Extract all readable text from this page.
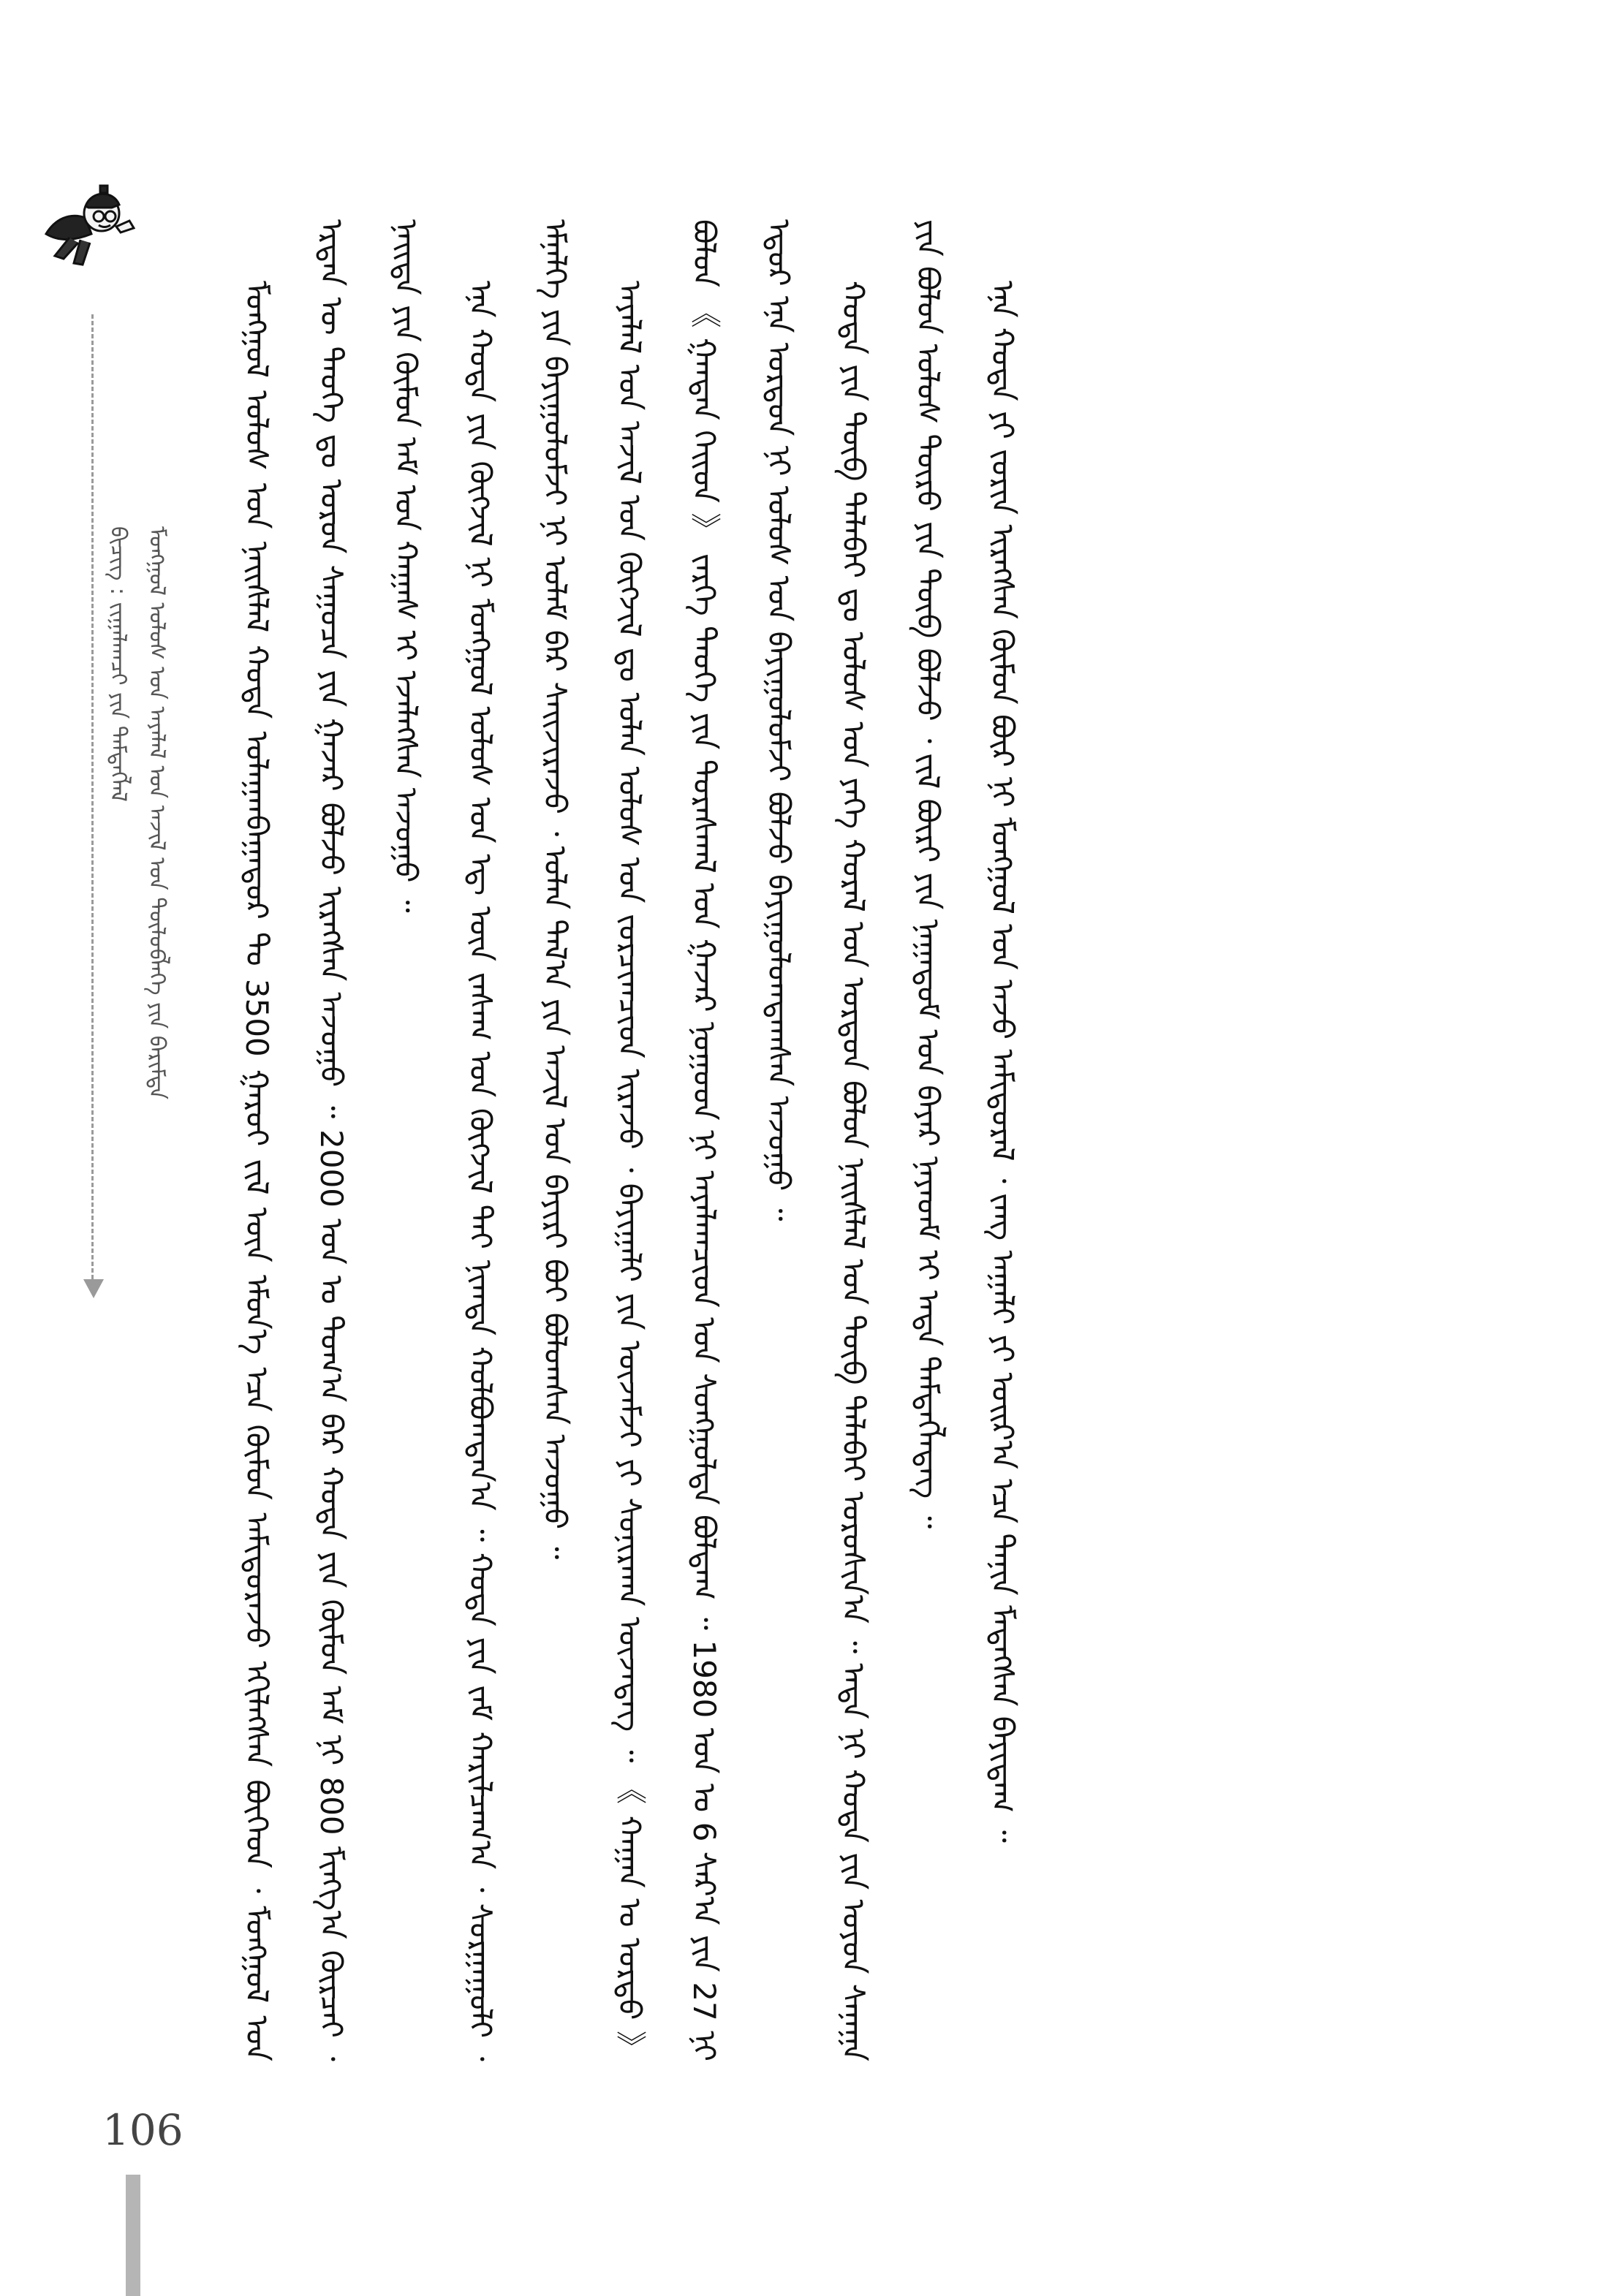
ᠮᠣᠩᠭᠣᠯ ᠤᠯᠤᠰ ᠤᠨ ᠠᠶᠠᠯᠠᠯ ᠤᠨ ᠠᠵᠢᠯ ᠤᠨ ᠲᠥᠯᠥᠪᠯᠡᠭᠡ ᠶᠢᠨ ᠪᠠᠷᠢᠮᠲᠠ ᠪᠢᠴᠢᠭ : ᠵᠢᠭᠠᠯᠠᠭᠴᠢ ᠶᠢᠨ ᠲᠡᠮᠳᠡᠭᠯᠡᠯ	ᠮᠣᠩᠭᠣᠯ ᠤᠯᠤᠰ ᠤᠨ ᠨᠡᠢᠰᠯᠡᠯ ᠬᠣᠲᠠ ᠤᠯᠠᠭᠠᠨᠪᠠᠭᠠᠲᠤᠷ ᠲᠤ 3500 ᠭᠠᠷᠤᠢ ᠵᠢᠯ ᠦᠨ ᠡᠮᠦᠨ᠎ᠡ ᠡᠴᠡ ᠬᠦᠮᠦᠨ ᠠᠮᠢᠳᠤᠷᠠᠵᠤ ᠡᠬᠢᠯᠡᠭᠰᠡᠨ ᠪᠥᠭᠡᠳ ᠂ ᠮᠣᠩᠭᠣᠯ ᠤᠨ ᠡᠷᠲᠡᠨ ᠦ ᠲᠡᠦᠬᠡ ᠳᠤ ᠣᠷᠤᠨ ᠰᠠᠭᠤᠴᠠ ᠶᠢᠨ ᠭᠠᠵᠠᠷ ᠪᠣᠯᠵᠤ ᠢᠷᠡᠭᠰᠡᠨ ᠠᠵᠤᠭᠤ ᠃ 2000 ᠣᠨ ᠤ ᠲᠣᠭ᠎ᠠ ᠪᠠᠷ ᠬᠣᠲᠠ ᠶᠢᠨ ᠬᠦᠮᠦᠨ ᠠᠮ ᠨᠢ 800 ᠮᠢᠩᠭ᠎ᠠ ᠬᠦᠷᠴᠡᠢ ᠂ ᠨᠡᠢᠲᠡ ᠶᠢᠨ ᠬᠦᠮᠦᠨ ᠠᠮ ᠤᠨ ᠬᠠᠭᠠᠰ ᠢ ᠡᠵᠡᠯᠡᠭᠰᠡᠨ ᠠᠵᠤᠭᠤ ᠃	ᠡᠨᠡ ᠬᠣᠲᠠ ᠶᠢᠨ ᠬᠥᠭᠵᠢᠯ ᠨᠢ ᠮᠣᠩᠭᠣᠯ ᠤᠯᠤᠰ ᠤᠨ ᠡᠳ᠋ ᠦᠨ ᠵᠠᠰᠠᠭ ᠤᠨ ᠬᠥᠭᠵᠢᠯ ᠲᠡᠢ ᠨᠢᠭᠲᠠ ᠬᠣᠯᠪᠣᠭᠳᠠᠨ᠎ᠠ ᠃ ᠬᠣᠲᠠ ᠶᠢᠨ ᠵᠠᠮ ᠬᠠᠷᠢᠯᠴᠠᠭ᠎ᠠ ᠂ ᠰᠤᠷᠭᠠᠭᠤᠯᠢ ᠂ ᠡᠮᠨᠡᠯᠭᠡ ᠶᠢᠨ ᠪᠠᠶᠢᠭᠤᠯᠤᠮᠵᠢ ᠨᠢ ᠤᠯᠠᠮ ᠪᠠᠷ ᠰᠠᠢᠵᠢᠷᠠᠵᠤ ᠂ ᠣᠯᠠᠨ ᠲᠠᠯ᠎ᠠ ᠶᠢᠨ ᠠᠵᠢᠯ ᠤᠨ ᠪᠠᠶᠢᠷᠢ ᠪᠣᠢ ᠪᠣᠯᠤᠭᠰᠠᠨ ᠠᠵᠤᠭᠤ ᠃	ᠠᠶᠠᠯᠠᠯ ᠤᠨ ᠠᠵᠢᠯ ᠤᠨ ᠬᠥᠭᠵᠢᠯ ᠳᠤ ᠣᠯᠠᠨ ᠤᠯᠤᠰ ᠤᠨ ᠵᠣᠷᠴᠢᠭᠴᠢᠳ ᠢᠷᠡᠵᠦ ᠂ ᠪᠠᠶᠢᠭᠠᠯᠢ ᠶᠢᠨ ᠦᠵᠡᠮᠵᠢ ᠶᠢ ᠰᠣᠨᠢᠷᠬᠠᠨ ᠦᠵᠡᠳᠡᠭ ᠃ 《 ᠬᠠᠭᠠᠨ ᠤ ᠣᠷᠳᠣ 》 ᠪᠣᠯᠤᠨ 《 ᠭᠠᠨᠳᠠᠨ ᠬᠡᠢᠳ 》 ᠵᠡᠷᠭᠡ ᠲᠡᠦᠬᠡ ᠶᠢᠨ ᠳᠤᠷᠠᠰᠬᠠᠯ ᠤᠨ ᠭᠠᠵᠠᠷ ᠨᠤᠭᠤᠳ ᠨᠢ ᠠᠶᠠᠯᠠᠭᠴᠢᠳ ᠤᠨ ᠰᠣᠩᠭᠣᠯᠲᠠ ᠪᠣᠯᠳᠠᠭ ᠃ 1980 ᠣᠨ ᠤ 6 ᠰᠠᠷ᠎ᠠ ᠶᠢᠨ 27 ᠨᠢ ᠡᠳᠦᠷ ᠡᠨᠡ ᠣᠷᠳᠣᠨ ᠨᠢ ᠤᠯᠤᠰ ᠤᠨ ᠪᠠᠶᠢᠭᠤᠯᠤᠮᠵᠢ ᠪᠣᠯᠵᠤ ᠪᠠᠶᠢᠭᠤᠯᠤᠭᠳᠠᠭᠰᠠᠨ ᠠᠵᠤᠭᠤ ᠃	ᠬᠣᠲᠠ ᠶᠢᠨ ᠲᠥᠪ ᠲᠠᠯᠠᠪᠠᠢ ᠳᠤ ᠤᠯᠤᠰ ᠤᠨ ᠶᠡᠬᠡ ᠬᠤᠷᠠᠯ ᠤᠨ ᠣᠷᠳᠣᠨ ᠪᠣᠯᠤᠨ ᠨᠡᠢᠰᠯᠡᠯ ᠤᠨ ᠲᠥᠪ ᠲᠠᠯᠠᠪᠠᠢ ᠣᠷᠣᠰᠢᠨ᠎ᠠ ᠃ ᠡᠨᠳᠡ ᠨᠢ ᠬᠣᠲᠠ ᠶᠢᠨ ᠣᠶᠤᠨ ᠰᠠᠨᠠᠭᠠ ᠶᠢᠨ ᠪᠣᠯᠤᠨ ᠤᠯᠤᠰ ᠲᠥᠷᠦ ᠶᠢᠨ ᠲᠥᠪ ᠪᠣᠯᠵᠤ ᠂ ᠵᠢᠯ ᠪᠦᠷᠢ ᠶᠢᠨ ᠨᠠᠭᠠᠳᠤᠮ ᠤᠨ ᠪᠠᠶᠠᠷ ᠨᠠᠶᠠᠳᠮ ᠢ ᠡᠨᠳᠡ ᠲᠡᠮᠳᠡᠭᠯᠡᠳᠡᠭ ᠃	ᠡᠨᠡ ᠬᠣᠲᠠ ᠶᠢ ᠵᠣᠷᠢᠨ ᠢᠷᠡᠭᠰᠡᠨ ᠬᠦᠮᠦᠨ ᠪᠦᠷ ᠨᠢ ᠮᠣᠩᠭᠣᠯ ᠤᠨ ᠠᠵᠤ ᠠᠮᠢᠳᠤᠷᠠᠯ ᠂ ᠵᠠᠩ ᠠᠭᠠᠯᠢ ᠶᠢ ᠣᠢᠷ᠎ᠠ ᠡᠴᠡ ᠲᠠᠨᠢᠨ ᠮᠡᠳᠡᠭᠰᠡᠨ ᠪᠠᠶᠢᠳᠠᠭ ᠃

106
